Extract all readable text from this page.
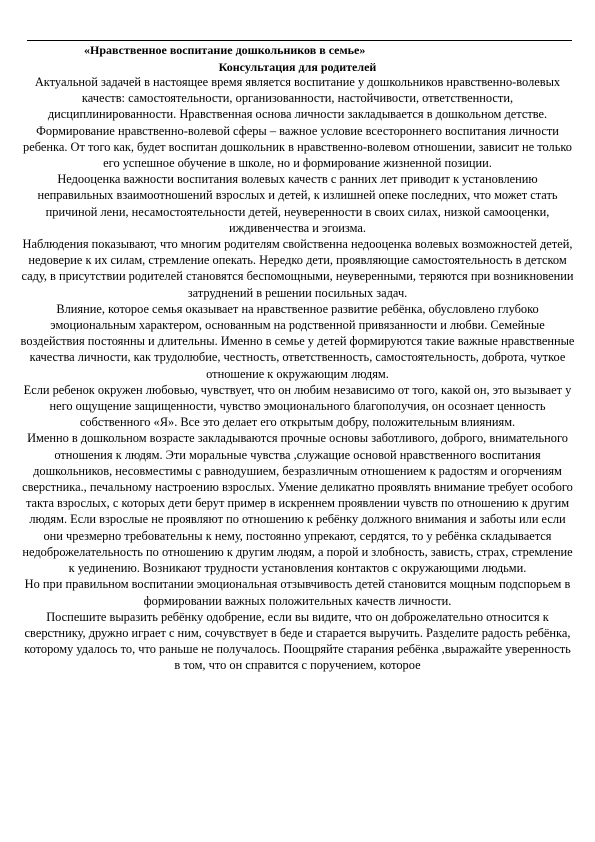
«Нравственное воспитание дошкольников в семье»
Консультация для родителей

Актуальной задачей в настоящее время является воспитание у дошкольников нравственно-волевых качеств: самостоятельности, организованности, настойчивости, ответственности, дисциплинированности. Нравственная основа личности закладывается в дошкольном детстве.

Формирование нравственно-волевой сферы – важное условие всестороннего воспитания личности ребенка. От того как, будет воспитан дошкольник в нравственно-волевом отношении, зависит не только его успешное обучение в школе, но и формирование жизненной позиции.

Недооценка важности воспитания волевых качеств с ранних лет приводит к установлению неправильных взаимоотношений взрослых и детей, к излишней опеке последних, что может стать причиной лени, несамостоятельности детей, неуверенности в своих силах, низкой самооценки, иждивенчества и эгоизма.

Наблюдения показывают, что многим родителям свойственна недооценка волевых возможностей детей, недоверие к их силам, стремление опекать. Нередко дети, проявляющие самостоятельность в детском саду, в присутствии родителей становятся беспомощными, неуверенными, теряются при возникновении затруднений в решении посильных задач.

Влияние, которое семья оказывает на нравственное развитие ребёнка, обусловлено глубоко эмоциональным характером, основанным на родственной привязанности и любви. Семейные воздействия постоянны и длительны. Именно в семье у детей формируются такие важные нравственные качества личности, как трудолюбие, честность, ответственность, самостоятельность, доброта, чуткое отношение к окружающим людям.

Если ребенок окружен любовью, чувствует, что он любим независимо от того, какой он, это вызывает у него ощущение защищенности, чувство эмоционального благополучия, он осознает ценность собственного «Я». Все это делает его открытым добру, положительным влияниям.

Именно в дошкольном возрасте закладываются прочные основы заботливого, доброго, внимательного отношения к людям. Эти моральные чувства ,служащие основой нравственного воспитания дошкольников, несовместимы с равнодушием, безразличным отношением к радостям и огорчениям сверстника., печальному настроению взрослых. Умение деликатно проявлять внимание требует особого такта взрослых, с которых дети берут пример в искреннем проявлении чувств по отношению к другим людям. Если взрослые не проявляют по отношению к ребёнку должного внимания и заботы или если они чрезмерно требовательны к нему, постоянно упрекают, сердятся, то у ребёнка складывается недоброжелательность по отношению к другим людям, а порой и злобность, зависть, страх, стремление к уединению. Возникают трудности установления контактов с окружающими людьми.

Но при правильном воспитании эмоциональная отзывчивость детей становится мощным подспорьем в формировании важных положительных качеств личности.

Поспешите выразить ребёнку одобрение, если вы видите, что он доброжелательно относится к сверстнику, дружно играет с ним, сочувствует в беде и старается выручить. Разделите радость ребёнка, которому удалось то, что раньше не получалось. Поощряйте старания ребёнка ,выражайте уверенность в том, что он справится с поручением, которое
